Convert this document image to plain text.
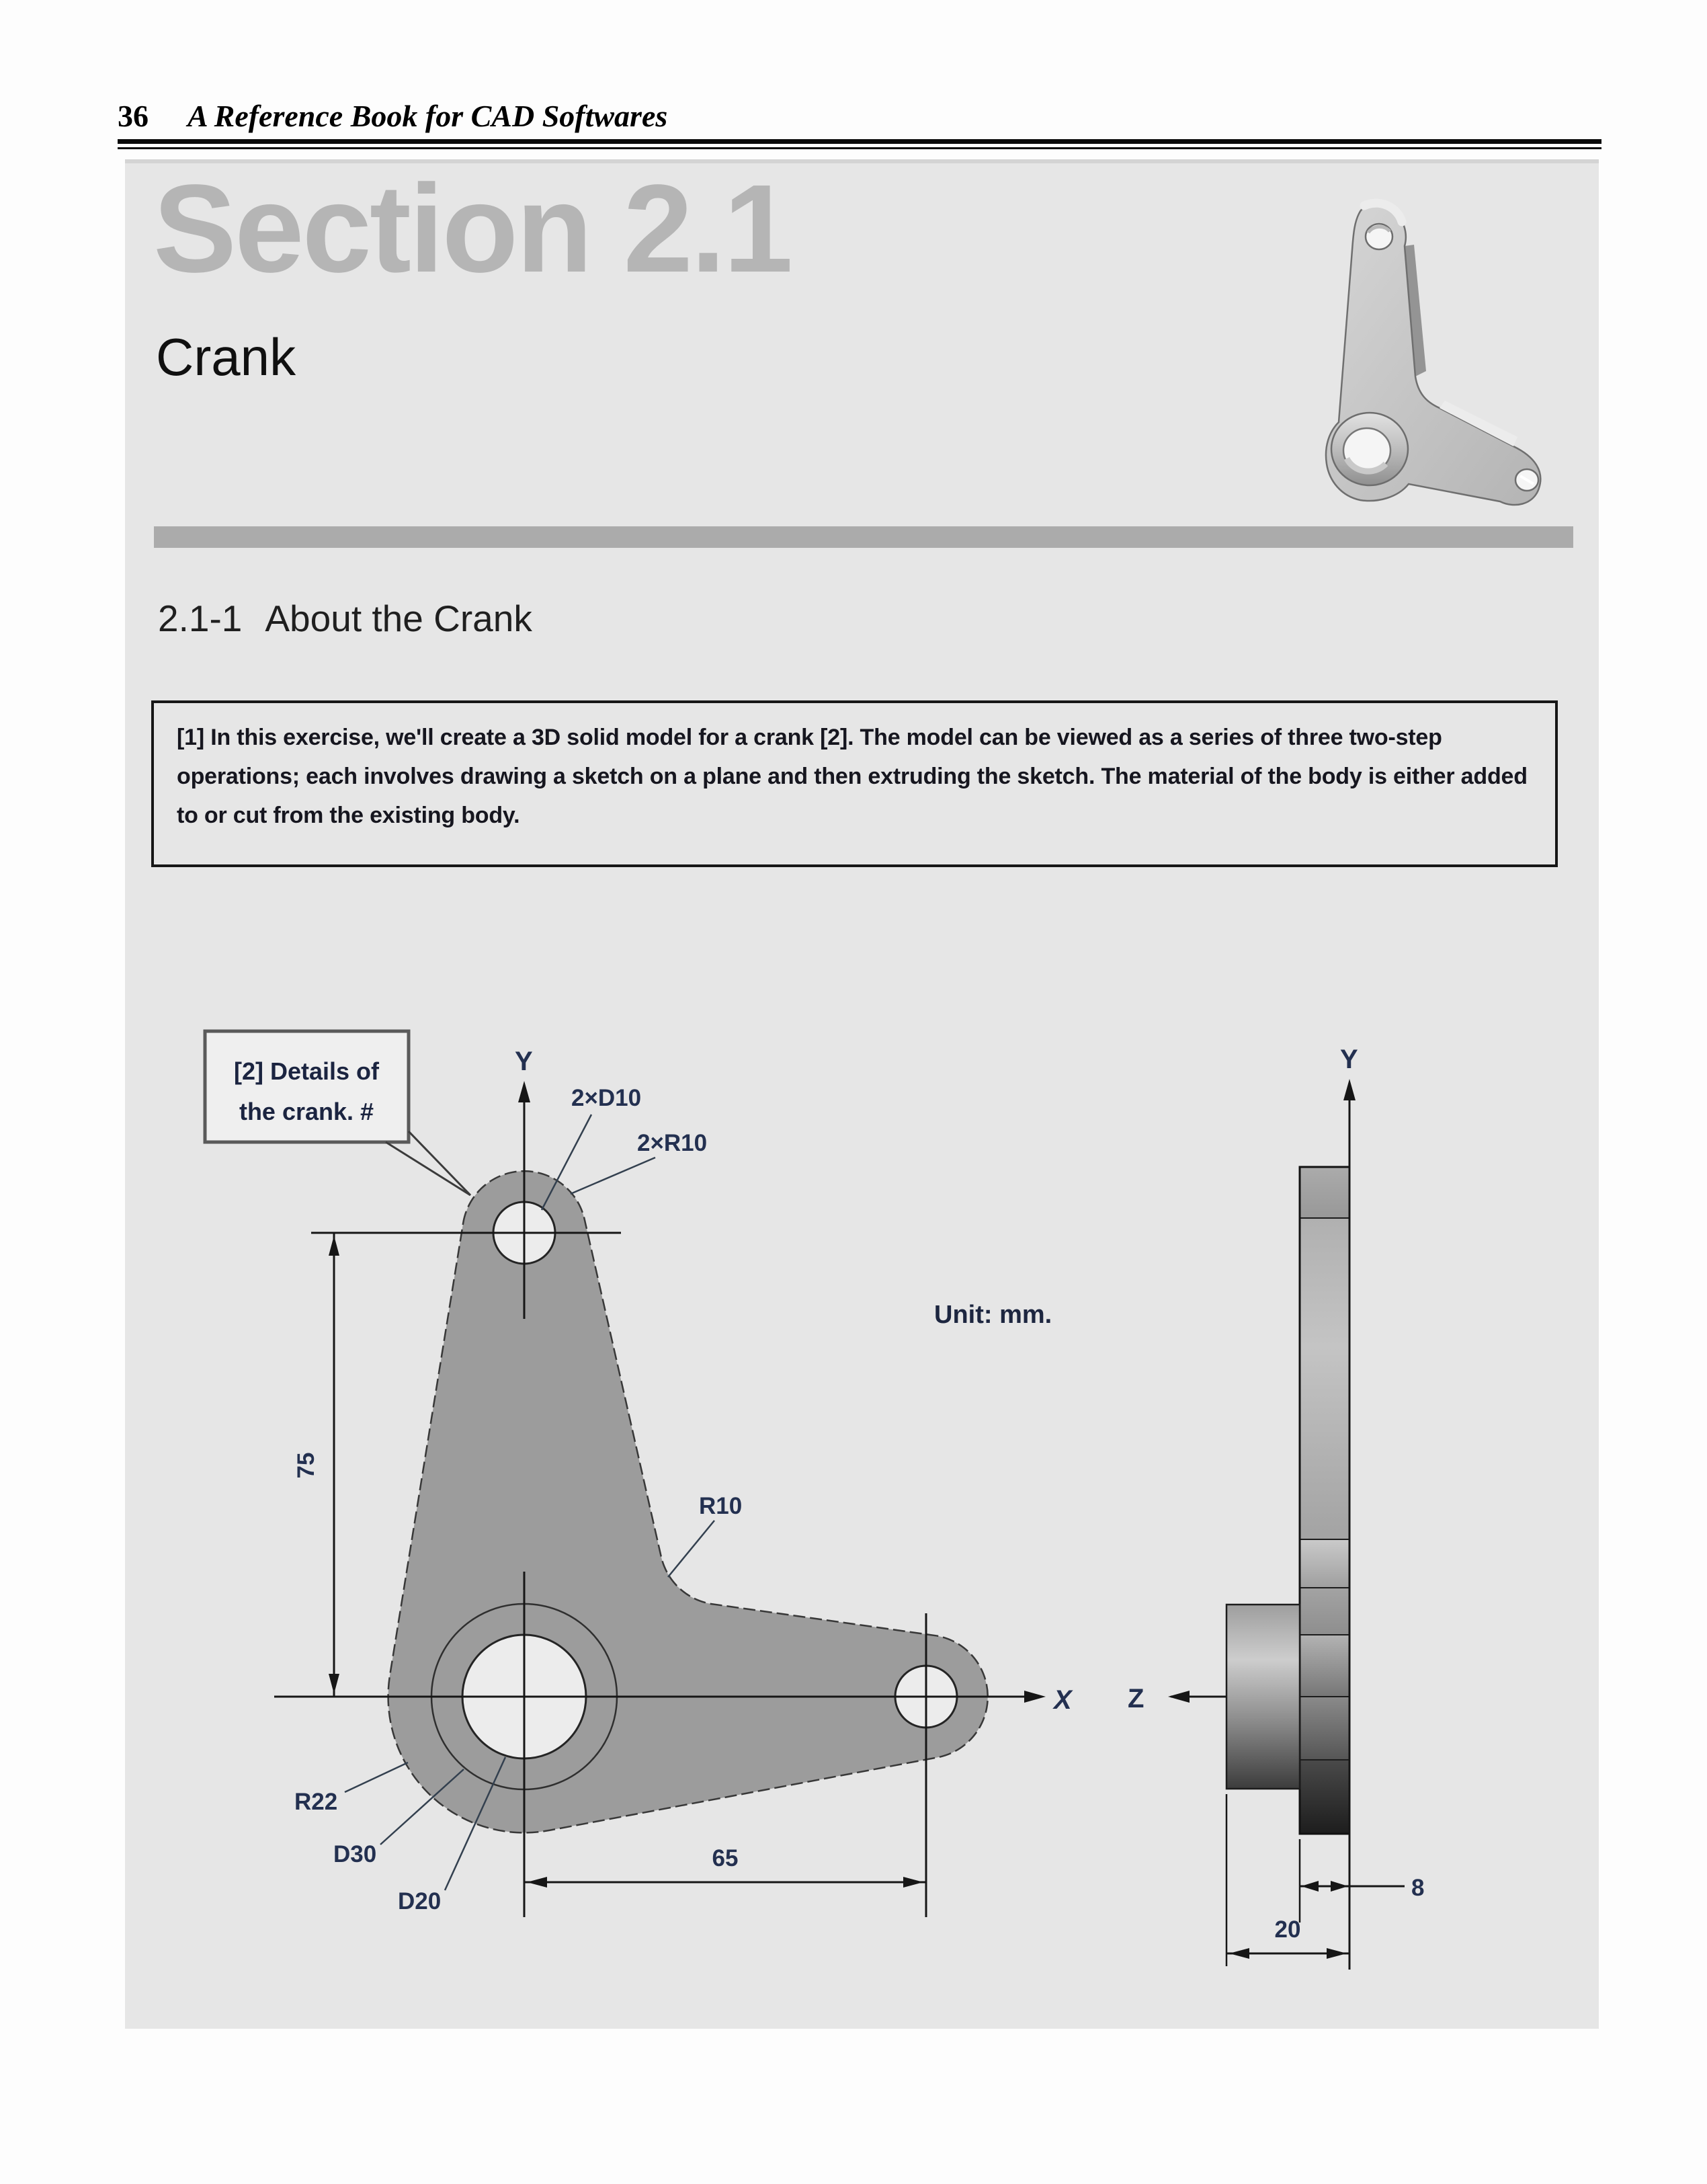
36 A Reference Book for CAD Softwares
Section 2.1
Crank
2.1-1 About the Crank
[1] In this exercise, we'll create a 3D solid model for a crank [2]. The model can be viewed as a series of three two-step operations; each involves drawing a sketch on a plane and then extruding the sketch. The material of the body is either added to or cut from the existing body.
X
Y
75
65
[2] Details of
the crank. #	2×D10
2×R10
R10
R22
D30
D20
Unit: mm.
Y
Z
8
20
